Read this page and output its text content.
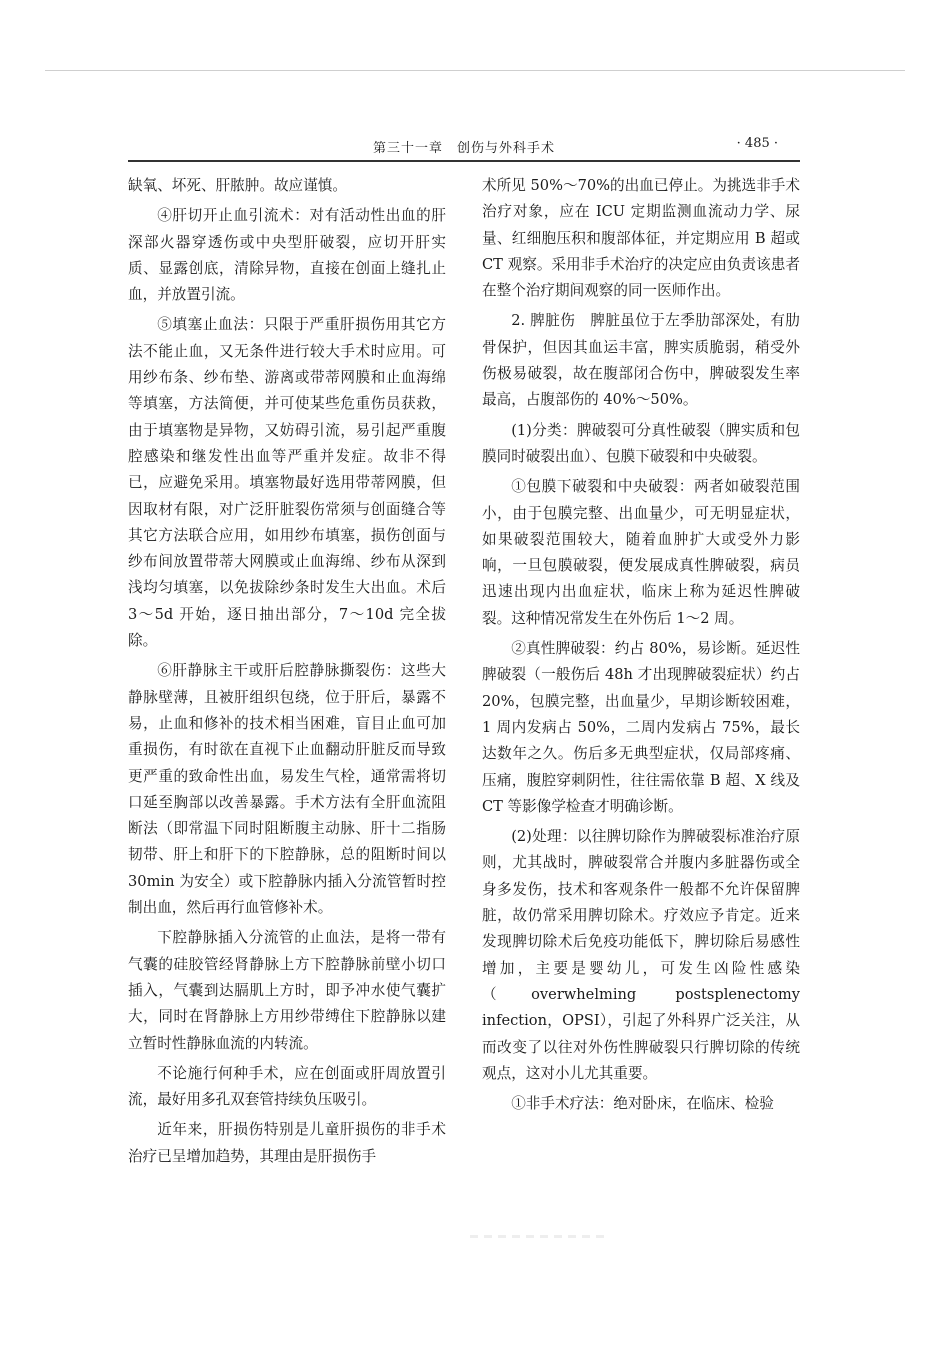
第三十一章　创伤与外科手术	· 485 ·

缺氧、坏死、肝脓肿。故应谨慎。

④肝切开止血引流术：对有活动性出血的肝深部火器穿透伤或中央型肝破裂，应切开肝实质、显露创底，清除异物，直接在创面上缝扎止血，并放置引流。

⑤填塞止血法：只限于严重肝损伤用其它方法不能止血，又无条件进行较大手术时应用。可用纱布条、纱布垫、游离或带蒂网膜和止血海绵等填塞，方法简便，并可使某些危重伤员获救，由于填塞物是异物，又妨碍引流，易引起严重腹腔感染和继发性出血等严重并发症。故非不得已，应避免采用。填塞物最好选用带蒂网膜，但因取材有限，对广泛肝脏裂伤常须与创面缝合等其它方法联合应用，如用纱布填塞，损伤创面与纱布间放置带蒂大网膜或止血海绵、纱布从深到浅均匀填塞，以免拔除纱条时发生大出血。术后 3～5d 开始，逐日抽出部分，7～10d 完全拔除。

⑥肝静脉主干或肝后腔静脉撕裂伤：这些大静脉壁薄，且被肝组织包绕，位于肝后，暴露不易，止血和修补的技术相当困难，盲目止血可加重损伤，有时欲在直视下止血翻动肝脏反而导致更严重的致命性出血，易发生气栓，通常需将切口延至胸部以改善暴露。手术方法有全肝血流阻断法（即常温下同时阻断腹主动脉、肝十二指肠韧带、肝上和肝下的下腔静脉，总的阻断时间以 30min 为安全）或下腔静脉内插入分流管暂时控制出血，然后再行血管修补术。

下腔静脉插入分流管的止血法，是将一带有气囊的硅胶管经肾静脉上方下腔静脉前壁小切口插入，气囊到达膈肌上方时，即予冲水使气囊扩大，同时在肾静脉上方用纱带缚住下腔静脉以建立暂时性静脉血流的内转流。

不论施行何种手术，应在创面或肝周放置引流，最好用多孔双套管持续负压吸引。

近年来，肝损伤特别是儿童肝损伤的非手术治疗已呈增加趋势，其理由是肝损伤手

术所见 50%～70%的出血已停止。为挑选非手术治疗对象，应在 ICU 定期监测血流动力学、尿量、红细胞压积和腹部体征，并定期应用 B 超或 CT 观察。采用非手术治疗的决定应由负责该患者在整个治疗期间观察的同一医师作出。

2. 脾脏伤　脾脏虽位于左季肋部深处，有肋骨保护，但因其血运丰富，脾实质脆弱，稍受外伤极易破裂，故在腹部闭合伤中，脾破裂发生率最高，占腹部伤的 40%～50%。

(1)分类：脾破裂可分真性破裂（脾实质和包膜同时破裂出血）、包膜下破裂和中央破裂。

①包膜下破裂和中央破裂：两者如破裂范围小，由于包膜完整、出血量少，可无明显症状，如果破裂范围较大，随着血肿扩大或受外力影响，一旦包膜破裂，便发展成真性脾破裂，病员迅速出现内出血症状，临床上称为延迟性脾破裂。这种情况常发生在外伤后 1～2 周。

②真性脾破裂：约占 80%，易诊断。延迟性脾破裂（一般伤后 48h 才出现脾破裂症状）约占 20%，包膜完整，出血量少，早期诊断较困难，1 周内发病占 50%，二周内发病占 75%，最长达数年之久。伤后多无典型症状，仅局部疼痛、压痛，腹腔穿刺阴性，往往需依靠 B 超、X 线及 CT 等影像学检查才明确诊断。

(2)处理：以往脾切除作为脾破裂标准治疗原则，尤其战时，脾破裂常合并腹内多脏器伤或全身多发伤，技术和客观条件一般都不允许保留脾脏，故仍常采用脾切除术。疗效应予肯定。近来发现脾切除术后免疫功能低下，脾切除后易感性增加，主要是婴幼儿，可发生凶险性感染（overwhelming postsplenectomy infection，OPSI），引起了外科界广泛关注，从而改变了以往对外伤性脾破裂只行脾切除的传统观点，这对小儿尤其重要。

①非手术疗法：绝对卧床，在临床、检验
